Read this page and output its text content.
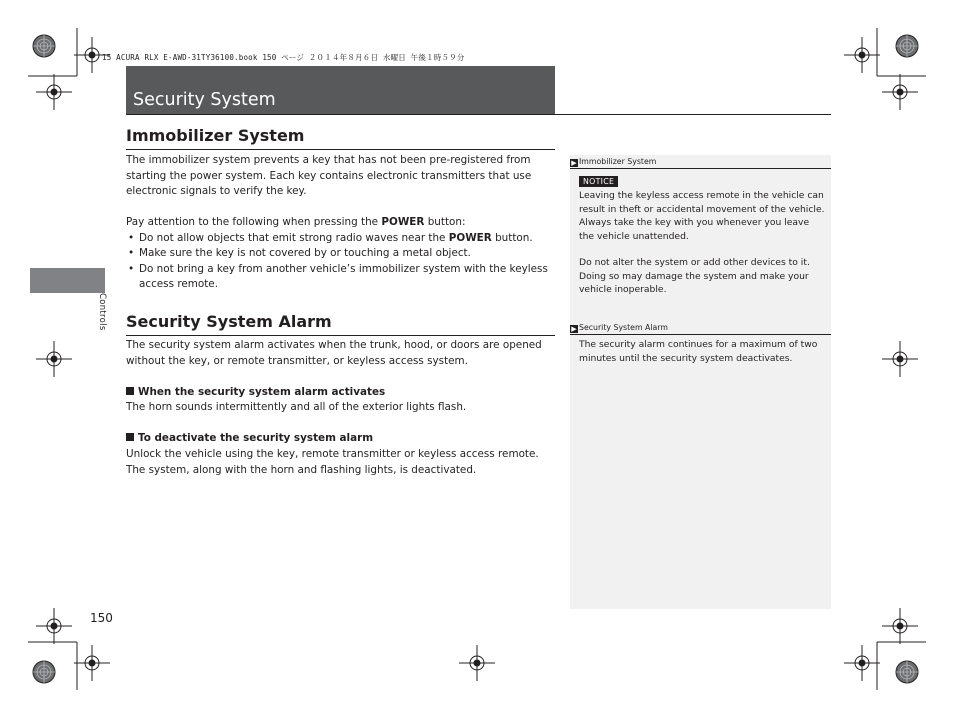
15 ACURA RLX E-AWD-31TY36100.book 150 ページ ２０１４年８月６日 水曜日 午後１時５９分
Security System
Controls
Immobilizer System
The immobilizer system prevents a key that has not been pre-registered from starting the power system. Each key contains electronic transmitters that use electronic signals to verify the key.
Pay attention to the following when pressing the POWER button:
• Do not allow objects that emit strong radio waves near the POWER button.
• Make sure the key is not covered by or touching a metal object.
• Do not bring a key from another vehicle’s immobilizer system with the keyless access remote.
Security System Alarm
The security system alarm activates when the trunk, hood, or doors are opened without the key, or remote transmitter, or keyless access system.
When the security system alarm activates
The horn sounds intermittently and all of the exterior lights flash.
To deactivate the security system alarm
Unlock the vehicle using the key, remote transmitter or keyless access remote. The system, along with the horn and flashing lights, is deactivated.
▶ Immobilizer System
NOTICE
Leaving the keyless access remote in the vehicle can result in theft or accidental movement of the vehicle. Always take the key with you whenever you leave the vehicle unattended.
Do not alter the system or add other devices to it. Doing so may damage the system and make your vehicle inoperable.
▶ Security System Alarm
The security alarm continues for a maximum of two minutes until the security system deactivates.
150
